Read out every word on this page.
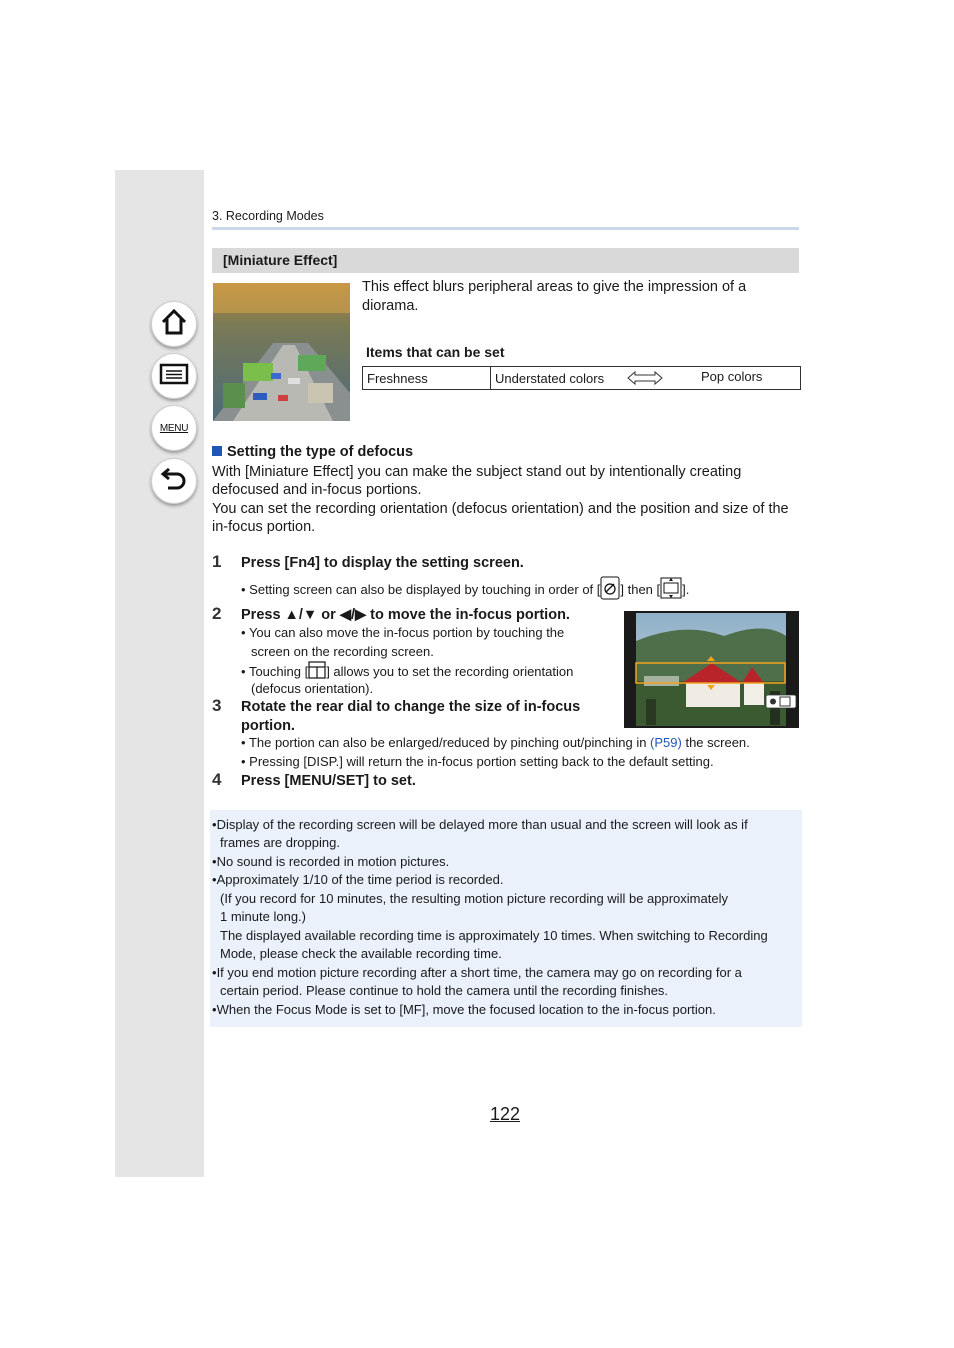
MENU
3. Recording Modes
[Miniature Effect]
This effect blurs peripheral areas to give the impression of a diorama.
Items that can be set
Freshness	Understated colors	Pop colors
Setting the type of defocus
With [Miniature Effect] you can make the subject stand out by intentionally creating
defocused and in-focus portions.
You can set the recording orientation (defocus orientation) and the position and size of the
in-focus portion.
1 Press [Fn4] to display the setting screen.
• Setting screen can also be displayed by touching in order of [ ] then [ ].
2 Press ▲/▼ or ◀/▶ to move the in-focus portion.
• You can also move the in-focus portion by touching the
screen on the recording screen.
• Touching [ ] allows you to set the recording orientation
(defocus orientation).
3 Rotate the rear dial to change the size of in-focus
portion.
• The portion can also be enlarged/reduced by pinching out/pinching in (P59) the screen.
• Pressing [DISP.] will return the in-focus portion setting back to the default setting.
4 Press [MENU/SET] to set.
•Display of the recording screen will be delayed more than usual and the screen will look as if
frames are dropping.
•No sound is recorded in motion pictures.
•Approximately 1/10 of the time period is recorded.
(If you record for 10 minutes, the resulting motion picture recording will be approximately
1 minute long.)
The displayed available recording time is approximately 10 times. When switching to Recording
Mode, please check the available recording time.
•If you end motion picture recording after a short time, the camera may go on recording for a
certain period. Please continue to hold the camera until the recording finishes.
•When the Focus Mode is set to [MF], move the focused location to the in-focus portion.
122
